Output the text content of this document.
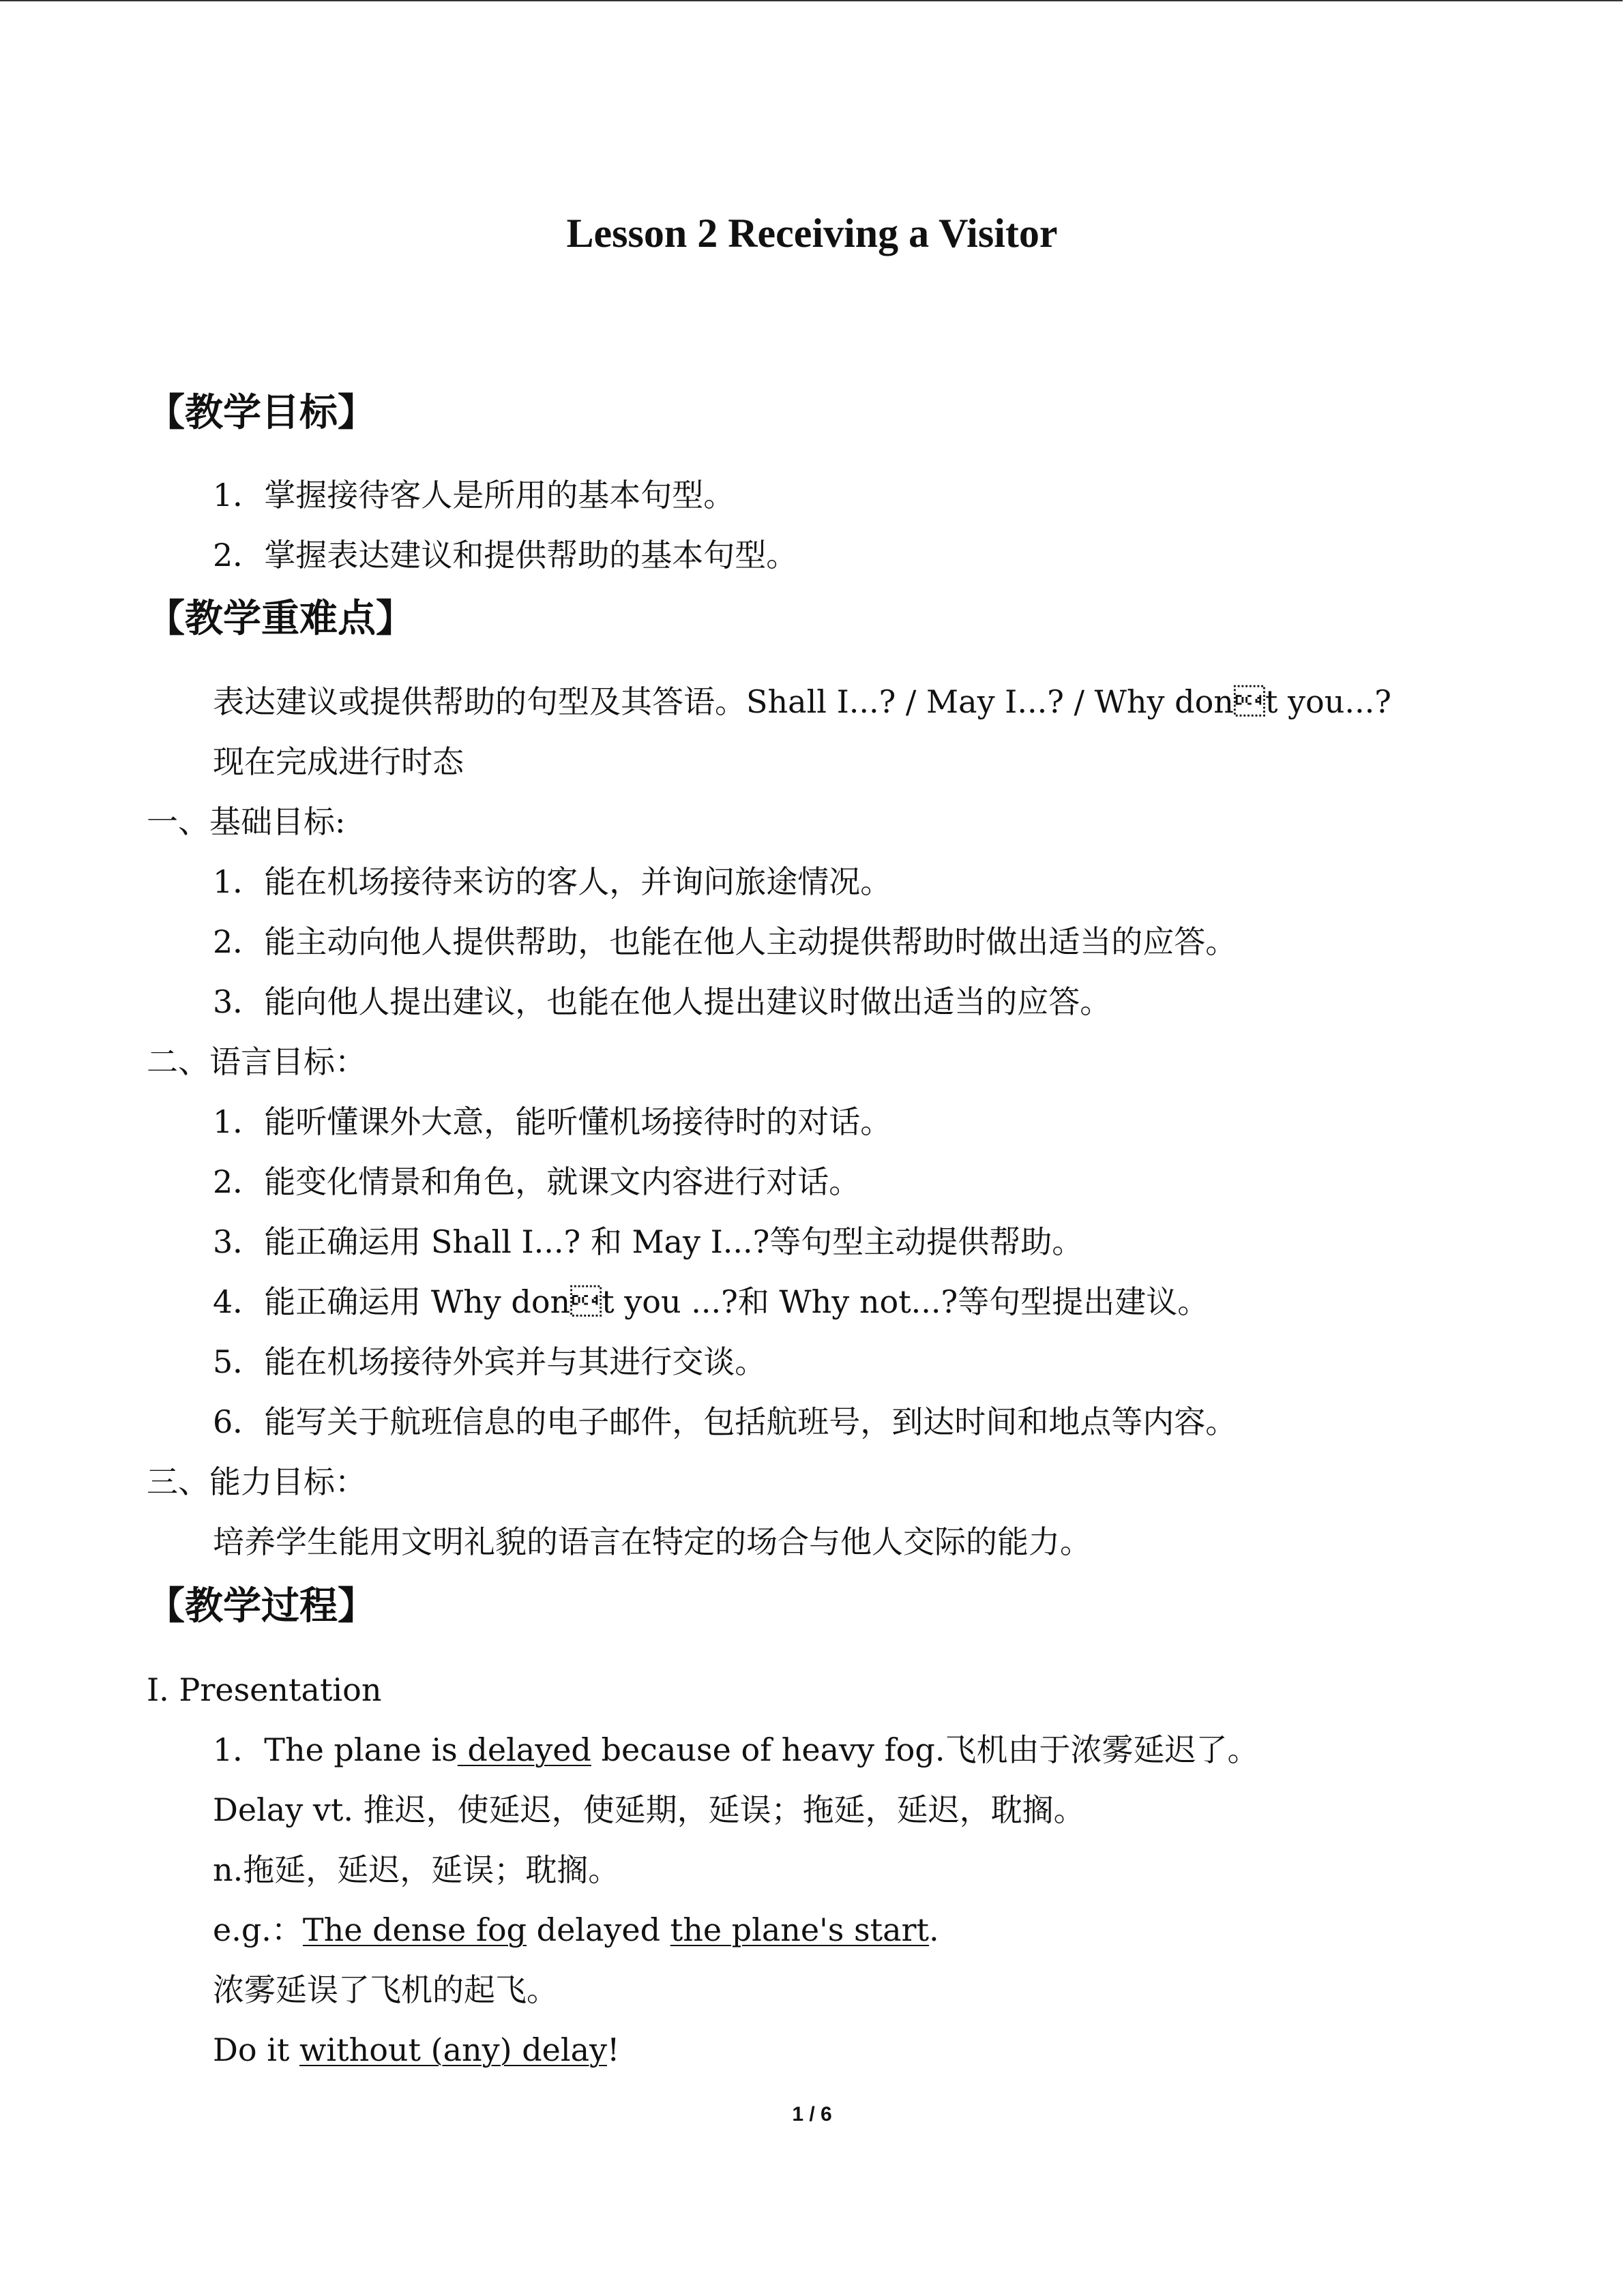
Lesson 2 Receiving a Visitor
【教学目标】
1．掌握接待客人是所用的基本句型。
2．掌握表达建议和提供帮助的基本句型。
【教学重难点】
表达建议或提供帮助的句型及其答语。Shall I...? / May I...? / Why dont you...?
现在完成进行时态
一、基础目标:
1．能在机场接待来访的客人，并询问旅途情况。
2．能主动向他人提供帮助，也能在他人主动提供帮助时做出适当的应答。
3．能向他人提出建议，也能在他人提出建议时做出适当的应答。
二、语言目标：
1．能听懂课外大意，能听懂机场接待时的对话。
2．能变化情景和角色，就课文内容进行对话。
3．能正确运用 Shall I...? 和 May I...?等句型主动提供帮助。
4．能正确运用 Why dont you ...?和 Why not...?等句型提出建议。
5．能在机场接待外宾并与其进行交谈。
6．能写关于航班信息的电子邮件，包括航班号，到达时间和地点等内容。
三、能力目标：
培养学生能用文明礼貌的语言在特定的场合与他人交际的能力。
【教学过程】
I. Presentation
1．The plane is delayed because of heavy fog.飞机由于浓雾延迟了。
Delay vt. 推迟，使延迟，使延期，延误；拖延，延迟，耽搁。
n.拖延，延迟，延误；耽搁。
e.g.：The dense fog delayed the plane's start.
浓雾延误了飞机的起飞。
Do it without (any) delay!
1 / 6
